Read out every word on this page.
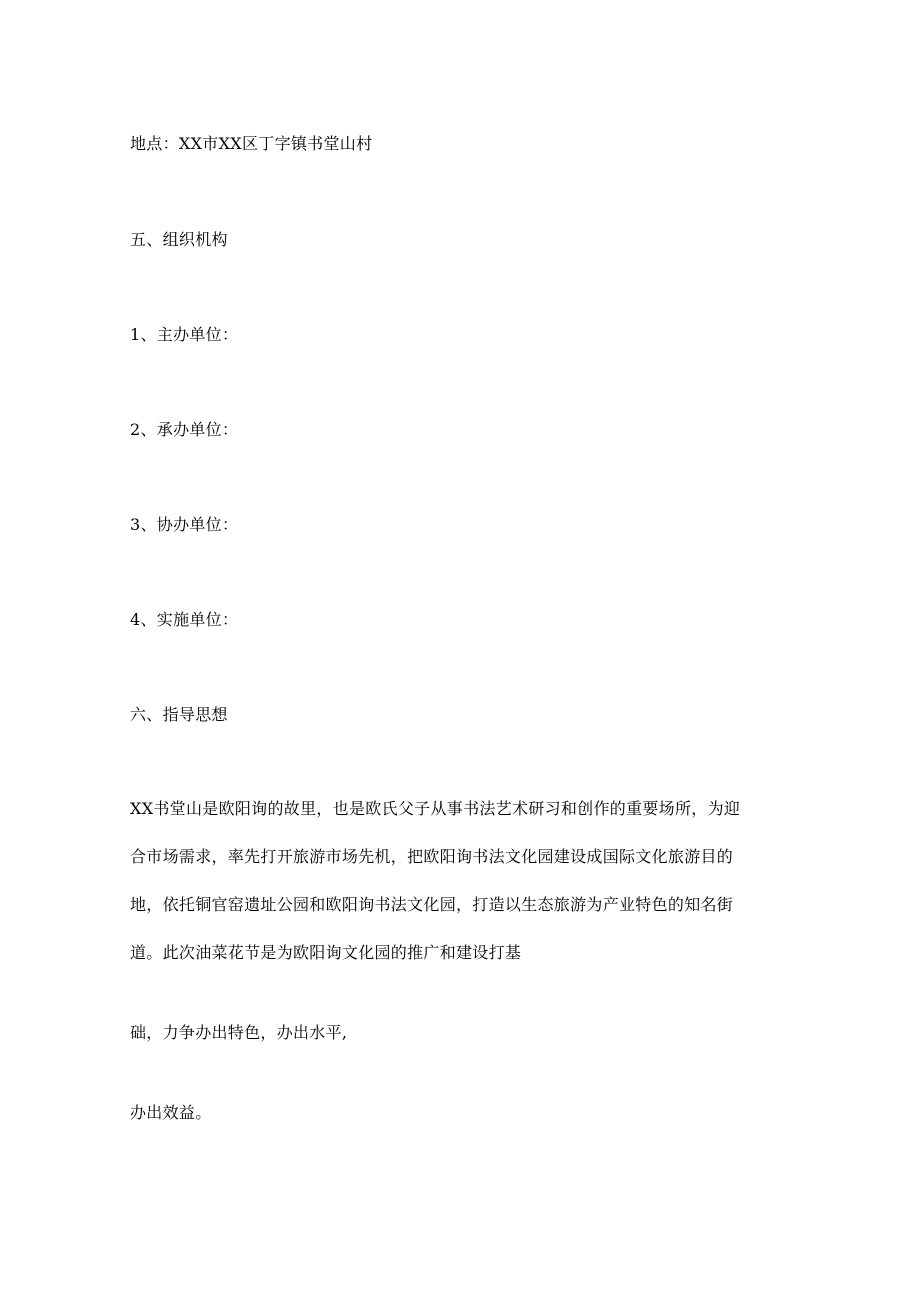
地点：XX市XX区丁字镇书堂山村
五、组织机构
1、主办单位：
2、承办单位：
3、协办单位：
4、实施单位：
六、指导思想
XX书堂山是欧阳询的故里，也是欧氏父子从事书法艺术研习和创作的重要场所，为迎
合市场需求，率先打开旅游市场先机，把欧阳询书法文化园建设成国际文化旅游目的
地，依托铜官窑遗址公园和欧阳询书法文化园，打造以生态旅游为产业特色的知名街
道。此次油菜花节是为欧阳询文化园的推广和建设打基
础，力争办出特色，办出水平,
办出效益。
